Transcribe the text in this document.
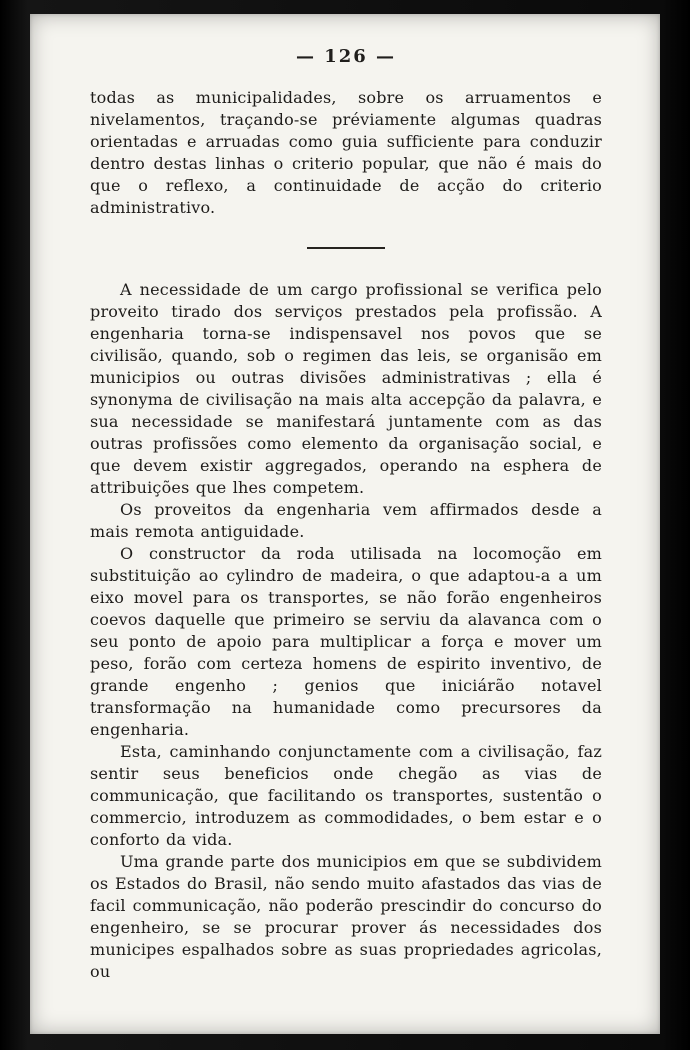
— 126 —

todas as municipalidades, sobre os arruamentos e nivelamentos, traçando-se préviamente algumas quadras orientadas e arruadas como guia sufficiente para conduzir dentro destas linhas o criterio popular, que não é mais do que o reflexo, a continuidade de acção do criterio administrativo.

A necessidade de um cargo profissional se verifica pelo proveito tirado dos serviços prestados pela profissão. A engenharia torna-se indispensavel nos povos que se civilisão, quando, sob o regimen das leis, se organisão em municipios ou outras divisões administrativas ; ella é synonyma de civilisação na mais alta accepção da palavra, e sua necessidade se manifestará juntamente com as das outras profissões como elemento da organisação social, e que devem existir aggregados, operando na esphera de attribuições que lhes competem.

Os proveitos da engenharia vem affirmados desde a mais remota antiguidade.

O constructor da roda utilisada na locomoção em substituição ao cylindro de madeira, o que adaptou-a a um eixo movel para os transportes, se não forão engenheiros coevos daquelle que primeiro se serviu da alavanca com o seu ponto de apoio para multiplicar a força e mover um peso, forão com certeza homens de espirito inventivo, de grande engenho ; genios que iniciárão notavel transformação na humanidade como precursores da engenharia.

Esta, caminhando conjunctamente com a civilisação, faz sentir seus beneficios onde chegão as vias de communicação, que facilitando os transportes, sustentão o commercio, introduzem as commodidades, o bem estar e o conforto da vida.

Uma grande parte dos municipios em que se subdividem os Estados do Brasil, não sendo muito afastados das vias de facil communicação, não poderão prescindir do concurso do engenheiro, se se procurar prover ás necessidades dos municipes espalhados sobre as suas propriedades agricolas, ou
